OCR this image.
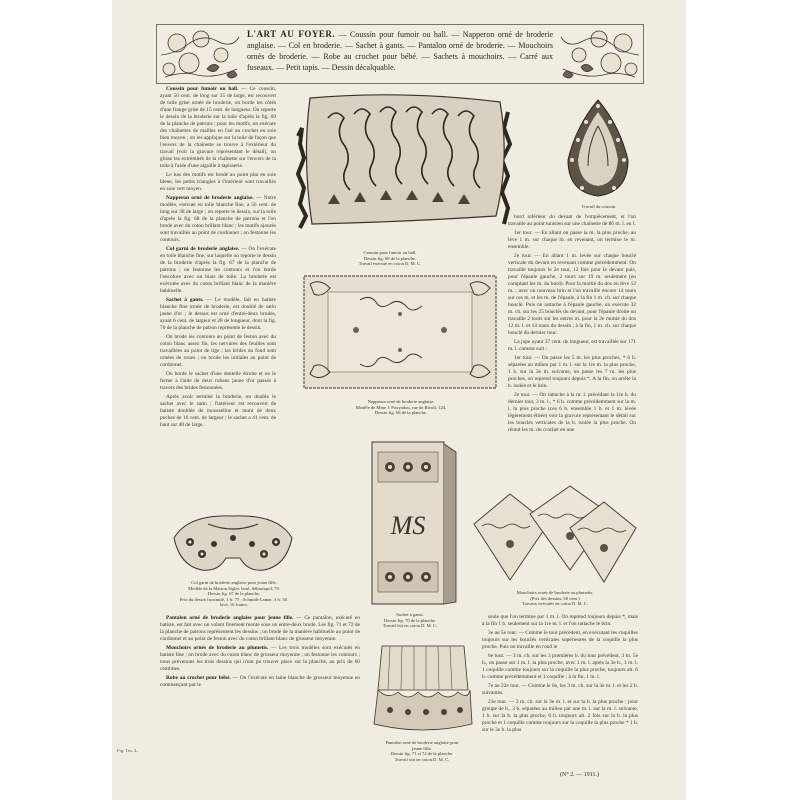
L'ART AU FOYER. — Coussin pour fumoir ou hall. — Napperon orné de broderie anglaise. — Col en broderie. — Sachet à gants. — Pantalon orné de broderie. — Mouchoirs ornés de broderie. — Robe au crochet pour bébé. — Sachets à mouchoirs. — Carré aux fuseaux. — Petit tapis. — Dessin décalquable.

Coussin pour fumoir ou hall. — Ce coussin, ayant 50 cent. de long sur 35 de large, est recouvert de toile grise ornée de broderie, on borde les côtés d'une frange grise de 15 cent. de longueur. On reporte le dessin de la broderie sur la toile d'après la fig. 69 de la planche de patrons ; pour les motifs, on exécute des chaînettes de mailles en l'air au crochet en soie bien moyen ; on les applique sur la toile de façon que l'envers de la chaînette se trouve à l'extérieur du travail (voir la gravure représentant le détail), on glisse les extrémités de la chaînette sur l'envers de la toile à l'aide d'une aiguille à tapisserie.

Le bas des motifs est brodé au point plat en soie bleue, les petits triangles à l'intérieur sont travaillés en soie vert moyen.

Napperon orné de broderie anglaise. — Notre modèle, exécuté en toile blanche fine, a 56 cent. de long sur 38 de large ; on reporte le dessin, sur la toile d'après la fig. 68 de la planche de patrons et l'on brode avec du coton brillant blanc ; les motifs ajourés sont travaillés au point de cordonnet ; on festonne les contours.

Col garni de broderie anglaise. — On l'exécute en toile blanche fine, sur laquelle on reporte le dessin de la broderie d'après la fig. 67 de la planche de patrons ; on festonne les contours et l'on borde l'encolure avec un biais de toile. La broderie est exécutée avec du coton brillant blanc de la manière habituelle.

Sachet à gants. — Le modèle, fait en batiste blanche fine ornée de broderie, est doublé de satin jaune d'or ; le dessus est orné d'entre-deux brodés, ayant 6 cent. de largeur et 28 de longueur, dont la fig. 70 de la planche de patron représente le dessin.

On brode les contours au point de feston avec du coton blanc assez fin, les nervures des feuilles sont travaillées au point de tige ; les brides du fond sont ornées de roues ; on brode les initiales au point de cordonnet.

On borde le sachet d'une dentelle étroite et on le ferme à l'aide de deux rubans jaune d'or passés à travers des brides festonnées.

Après avoir terminé la broderie, on double le sachet avec le satin ; l'intérieur est recouvert de batiste doublée de mousseline et muni de deux poches de 16 cent. de largeur ; le sachet a 41 cent. de haut sur 40 de large.

Pantalon orné de broderie anglaise pour jeune fille. — Ce pantalon, exécuté en batiste, est fait avec un volant finement monté sous un entre-deux brodé. Les fig. 71 et 72 de la planche de patrons représentent les dessins ; on brode de la manière habituelle au point de cordonnet et au point de feston avec du coton brillant blanc de grosseur moyenne.

Mouchoirs ornés de broderie au plumetis. — Les trois modèles sont exécutés en batiste fine ; on brode avec du coton blanc de grosseur moyenne ; on festonne les contours ; nous prévenons les trois dessins qui n'ont pu trouver place sur la planche, au prix de 60 centimes.

Robe au crochet pour bébé. — On l'exécute en laine blanche de grosseur moyenne en commençant par le

bord inférieur du devant de l'empiècement, et l'on travaille au point tunisien sur une chaînette de 86 m. l. en l.

1er tour. — En allant on passe la m. la plus proche, au lève 1 m. sur chaque m. en revenant, on termine le m. ensemble.

2e tour. — En allant 1 m. levée sur chaque bouclé verticale du devant en revenant comme précédemment. On travaille toujours le 2e tour, 12 fois pour le devant puis, pour l'épaule gauche, 2 tours sur 19 m. seulement (en comptant les m. du bord). Pour la moitié du dos on lève 12 m. ; avec un nouveau brin et l'on travaille encore 14 tours sur ces m. et les m. de l'épaule, à la fin 1 m. ch. sur chaque bouclé. Puis on rattache à l'épaule gauche, on exécute 32 m. ch. sur les 25 bouclés du devant, pour l'épaule droite on travaille 2 tours sur les entres m. pour la 2e moitié du dos 12 m. l. et 14 tours du dessin ; à la fin, 1 m. ch. sur chaque bouclé du dernier tour.

La jupe ayant 37 cent. de longueur, est travaillée sur 171 m. l. comme suit :

1er tour. — On passe les 5 m. les plus proches, * 6 b. séparées au milieu par 1 m. l. sur la 1re m. la plus proche, 1 b. sur la 3e m. suivante, on passe les 7 m. les plus proches, on reprend toujours depuis *. A la fin, on arrête la b. isolée et le brin.

2e tour. — On rattache à la m. l. précédant la 1re b. du dernier tour, 3 m. l., * 6 b. comme précédemment sur la m. l. la plus proche (ces 6 b. ensemble 1 b. et 1 m. levée légèrement étirée) voir la gravure représentant le détail sur les bouclés verticales de la b. isolée la plus proche. On réunit les m. du crochet en une

seule que l'on termine par 1 m. l. On reprend toujours depuis *, mais à la fin 1 b. seulement sur la 1re m. l. et l'on rattache le brin.

3e au 5e tour. — Comme le tour précédent, en exécutant les coquilles toujours sur les bouclés verticales supérieures de la coquille la plus proche. Puis on travaille en rond le

6e tour. — 3 m. ch. sur les 3 premières b. du tour précédent, 3 m. 5e b., on passe sur 1 m. l. la plus proche, avec 1 m. l. après la 3e b., 1 m. l. 1 coquille comme toujours sur la coquille la plus proche, toujours alt. 6 b. comme précédemment et 1 coquille ; à la fin, 1 m. l.

7e au 22e tour. — Comme le 6e, les 3 m. ch. sur la 3e m. l. et les 2 b. suivantes.

23e tour. — 3 m. ch. sur la 3e m. l. et sur la b. la plus proche ; pour groupe de b., 3 b. séparées au milieu par une m. l. sur la m. l. suivante, 1 b. sur la b. la plus proche, 6 b. toujours alt. 2 fois sur la b. la plus proche et 1 coquille comme toujours sur la coquille la plus proche * 1 b. sur le 2e b. la plus

Coussin pour fumoir ou hall.
Dessin fig. 69 de la planche.
Travail exécuté en coton D. M. C.
Travail du coussin.
Napperon orné de broderie anglaise.
Modèle de Mme J. Pouyadou, rue de Rivoli, 124.
Dessin fig. 68 de la planche.
Col garni de broderie anglaise pour jeune fille.
Modèle de la Maison Sigler, boul. Sébastopol, 79.
Dessin fig. 67 de la planche.
Prix du dessin facsimilé, 1 fr. 75 ; Schmidt-Lamar, 3 fr. 50.
lavé, 16 francs.
MS
Sachet à gants.
Dessin fig. 70 de la planche.
Travail fait en coton D. M. C.
Mouchoirs ornés de broderie au plumetis.
(Prix des dessins, 60 cent.)
Travaux exécutés en coton D. M. C.
Pantalon orné de broderie anglaise pour
jeune fille.
Dessin fig. 71 et 72 de la planche.
Travail fait en coton D. M. C.
Fig. Tru. 4.
(N° 2. — 1911.)
